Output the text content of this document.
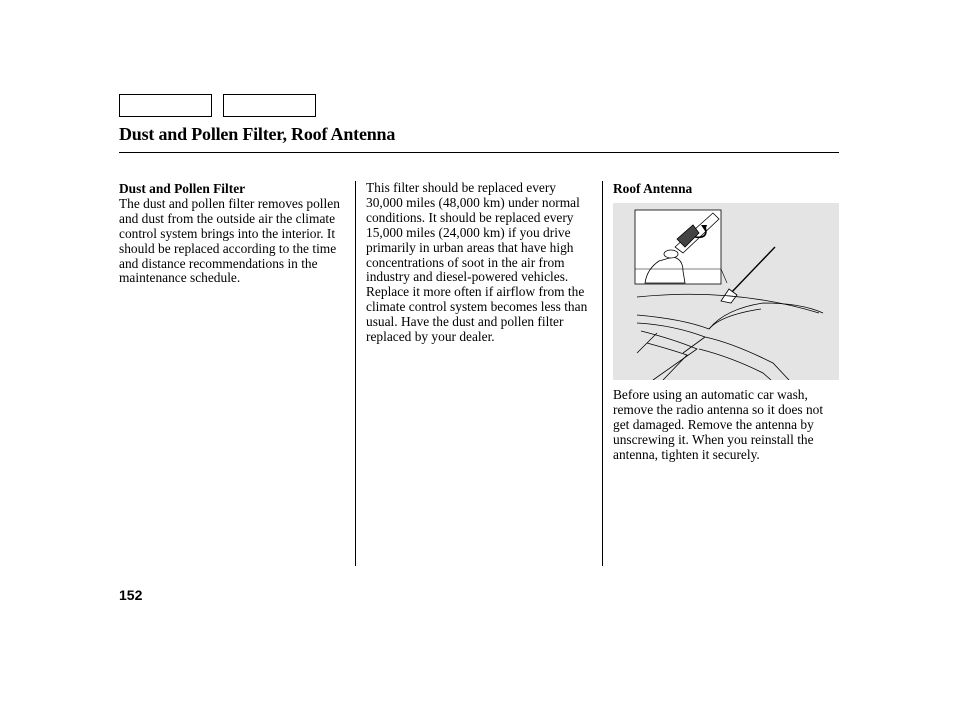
Dust and Pollen Filter, Roof Antenna
Dust and Pollen Filter

The dust and pollen filter removes pollen and dust from the outside air the climate control system brings into the interior. It should be replaced according to the time and distance recommendations in the maintenance schedule.

This filter should be replaced every 30,000 miles (48,000 km) under normal conditions. It should be replaced every 15,000 miles (24,000 km) if you drive primarily in urban areas that have high concentrations of soot in the air from industry and diesel-powered vehicles. Replace it more often if airflow from the climate control system becomes less than usual. Have the dust and pollen filter replaced by your dealer.

Roof Antenna

Before using an automatic car wash, remove the radio antenna so it does not get damaged. Remove the antenna by unscrewing it. When you reinstall the antenna, tighten it securely.

152
